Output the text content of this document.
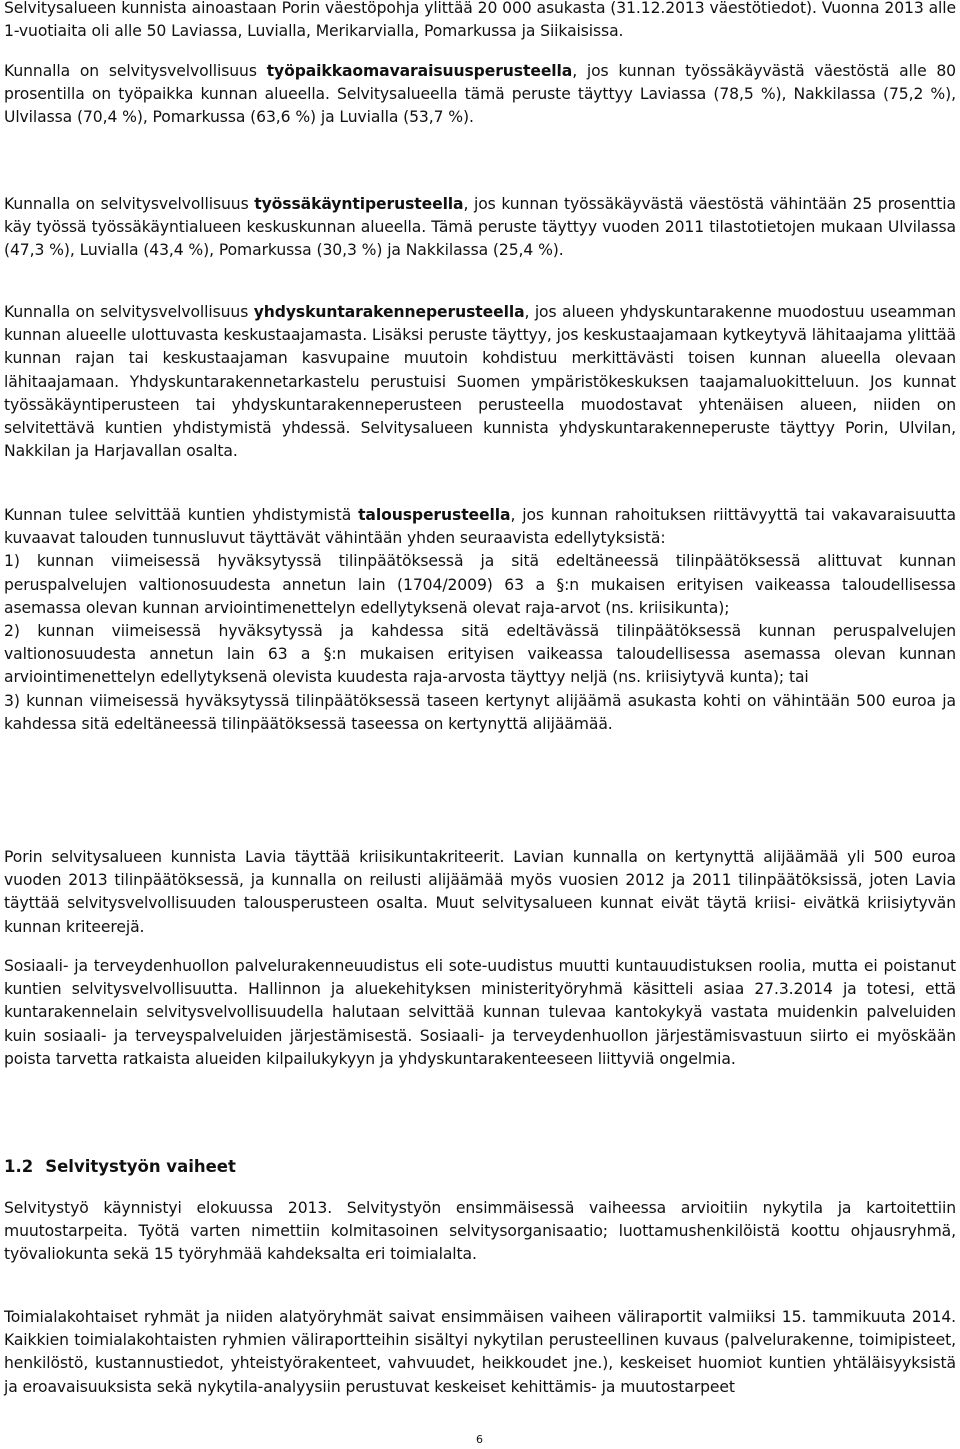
Selvitysalueen kunnista ainoastaan Porin väestöpohja ylittää 20 000 asukasta (31.12.2013 väestötiedot). Vuonna 2013 alle 1-vuotiaita oli alle 50 Laviassa, Luvialla, Merikarvialla, Pomarkussa ja Siikaisissa.

Kunnalla on selvitysvelvollisuus työpaikkaomavaraisuusperusteella, jos kunnan työssäkäyvästä väestöstä alle 80 prosentilla on työpaikka kunnan alueella. Selvitysalueella tämä peruste täyttyy Laviassa (78,5 %), Nakkilassa (75,2 %), Ulvilassa (70,4 %), Pomarkussa (63,6 %) ja Luvialla (53,7 %).

Kunnalla on selvitysvelvollisuus työssäkäyntiperusteella, jos kunnan työssäkäyvästä väestöstä vähintään 25 prosenttia käy työssä työssäkäyntialueen keskuskunnan alueella. Tämä peruste täyttyy vuoden 2011 tilastotietojen mukaan Ulvilassa (47,3 %), Luvialla (43,4 %), Pomarkussa (30,3 %) ja Nakkilassa (25,4 %).

Kunnalla on selvitysvelvollisuus yhdyskuntarakenneperusteella, jos alueen yhdyskuntarakenne muodostuu useamman kunnan alueelle ulottuvasta keskustaajamasta. Lisäksi peruste täyttyy, jos keskustaajamaan kytkeytyvä lähitaajama ylittää kunnan rajan tai keskustaajaman kasvupaine muutoin kohdistuu merkittävästi toisen kunnan alueella olevaan lähitaajamaan. Yhdyskuntarakennetarkastelu perustuisi Suomen ympäristökeskuksen taajamaluokitteluun. Jos kunnat työssäkäyntiperusteen tai yhdyskuntarakenneperusteen perusteella muodostavat yhtenäisen alueen, niiden on selvitettävä kuntien yhdistymistä yhdessä. Selvitysalueen kunnista yhdyskuntarakenneperuste täyttyy Porin, Ulvilan, Nakkilan ja Harjavallan osalta.

Kunnan tulee selvittää kuntien yhdistymistä talousperusteella, jos kunnan rahoituksen riittävyyttä tai vakavaraisuutta kuvaavat talouden tunnusluvut täyttävät vähintään yhden seuraavista edellytyksistä:
1) kunnan viimeisessä hyväksytyssä tilinpäätöksessä ja sitä edeltäneessä tilinpäätöksessä alittuvat kunnan peruspalvelujen valtionosuudesta annetun lain (1704/2009) 63 a §:n mukaisen erityisen vaikeassa taloudellisessa asemassa olevan kunnan arviointimenettelyn edellytyksenä olevat raja-arvot (ns. kriisikunta);
2) kunnan viimeisessä hyväksytyssä ja kahdessa sitä edeltävässä tilinpäätöksessä kunnan peruspalvelujen valtionosuudesta annetun lain 63 a §:n mukaisen erityisen vaikeassa taloudellisessa asemassa olevan kunnan arviointimenettelyn edellytyksenä olevista kuudesta raja-arvosta täyttyy neljä (ns. kriisiytyvä kunta); tai
3) kunnan viimeisessä hyväksytyssä tilinpäätöksessä taseen kertynyt alijäämä asukasta kohti on vähintään 500 euroa ja kahdessa sitä edeltäneessä tilinpäätöksessä taseessa on kertynyttä alijäämää.

Porin selvitysalueen kunnista Lavia täyttää kriisikuntakriteerit. Lavian kunnalla on kertynyttä alijäämää yli 500 euroa vuoden 2013 tilinpäätöksessä, ja kunnalla on reilusti alijäämää myös vuosien 2012 ja 2011 tilinpäätöksissä, joten Lavia täyttää selvitysvelvollisuuden talousperusteen osalta. Muut selvitysalueen kunnat eivät täytä kriisi- eivätkä kriisiytyvän kunnan kriteerejä.

Sosiaali- ja terveydenhuollon palvelurakenneuudistus eli sote-uudistus muutti kuntauudistuksen roolia, mutta ei poistanut kuntien selvitysvelvollisuutta. Hallinnon ja aluekehityksen ministerityöryhmä käsitteli asiaa 27.3.2014 ja totesi, että kuntarakennelain selvitysvelvollisuudella halutaan selvittää kunnan tulevaa kantokykyä vastata muidenkin palveluiden kuin sosiaali- ja terveyspalveluiden järjestämisestä. Sosiaali- ja terveydenhuollon järjestämisvastuun siirto ei myöskään poista tarvetta ratkaista alueiden kilpailukykyyn ja yhdyskuntarakenteeseen liittyviä ongelmia.

1.2 Selvitystyön vaiheet

Selvitystyö käynnistyi elokuussa 2013. Selvitystyön ensimmäisessä vaiheessa arvioitiin nykytila ja kartoitettiin muutostarpeita. Työtä varten nimettiin kolmitasoinen selvitysorganisaatio; luottamushenkilöistä koottu ohjausryhmä, työvaliokunta sekä 15 työryhmää kahdeksalta eri toimialalta.

Toimialakohtaiset ryhmät ja niiden alatyöryhmät saivat ensimmäisen vaiheen väliraportit valmiiksi 15. tammikuuta 2014. Kaikkien toimialakohtaisten ryhmien väliraportteihin sisältyi nykytilan perusteellinen kuvaus (palvelurakenne, toimipisteet, henkilöstö, kustannustiedot, yhteistyörakenteet, vahvuudet, heikkoudet jne.), keskeiset huomiot kuntien yhtäläisyyksistä ja eroavaisuuksista sekä nykytila-analyysiin perustuvat keskeiset kehittämis- ja muutostarpeet

6
